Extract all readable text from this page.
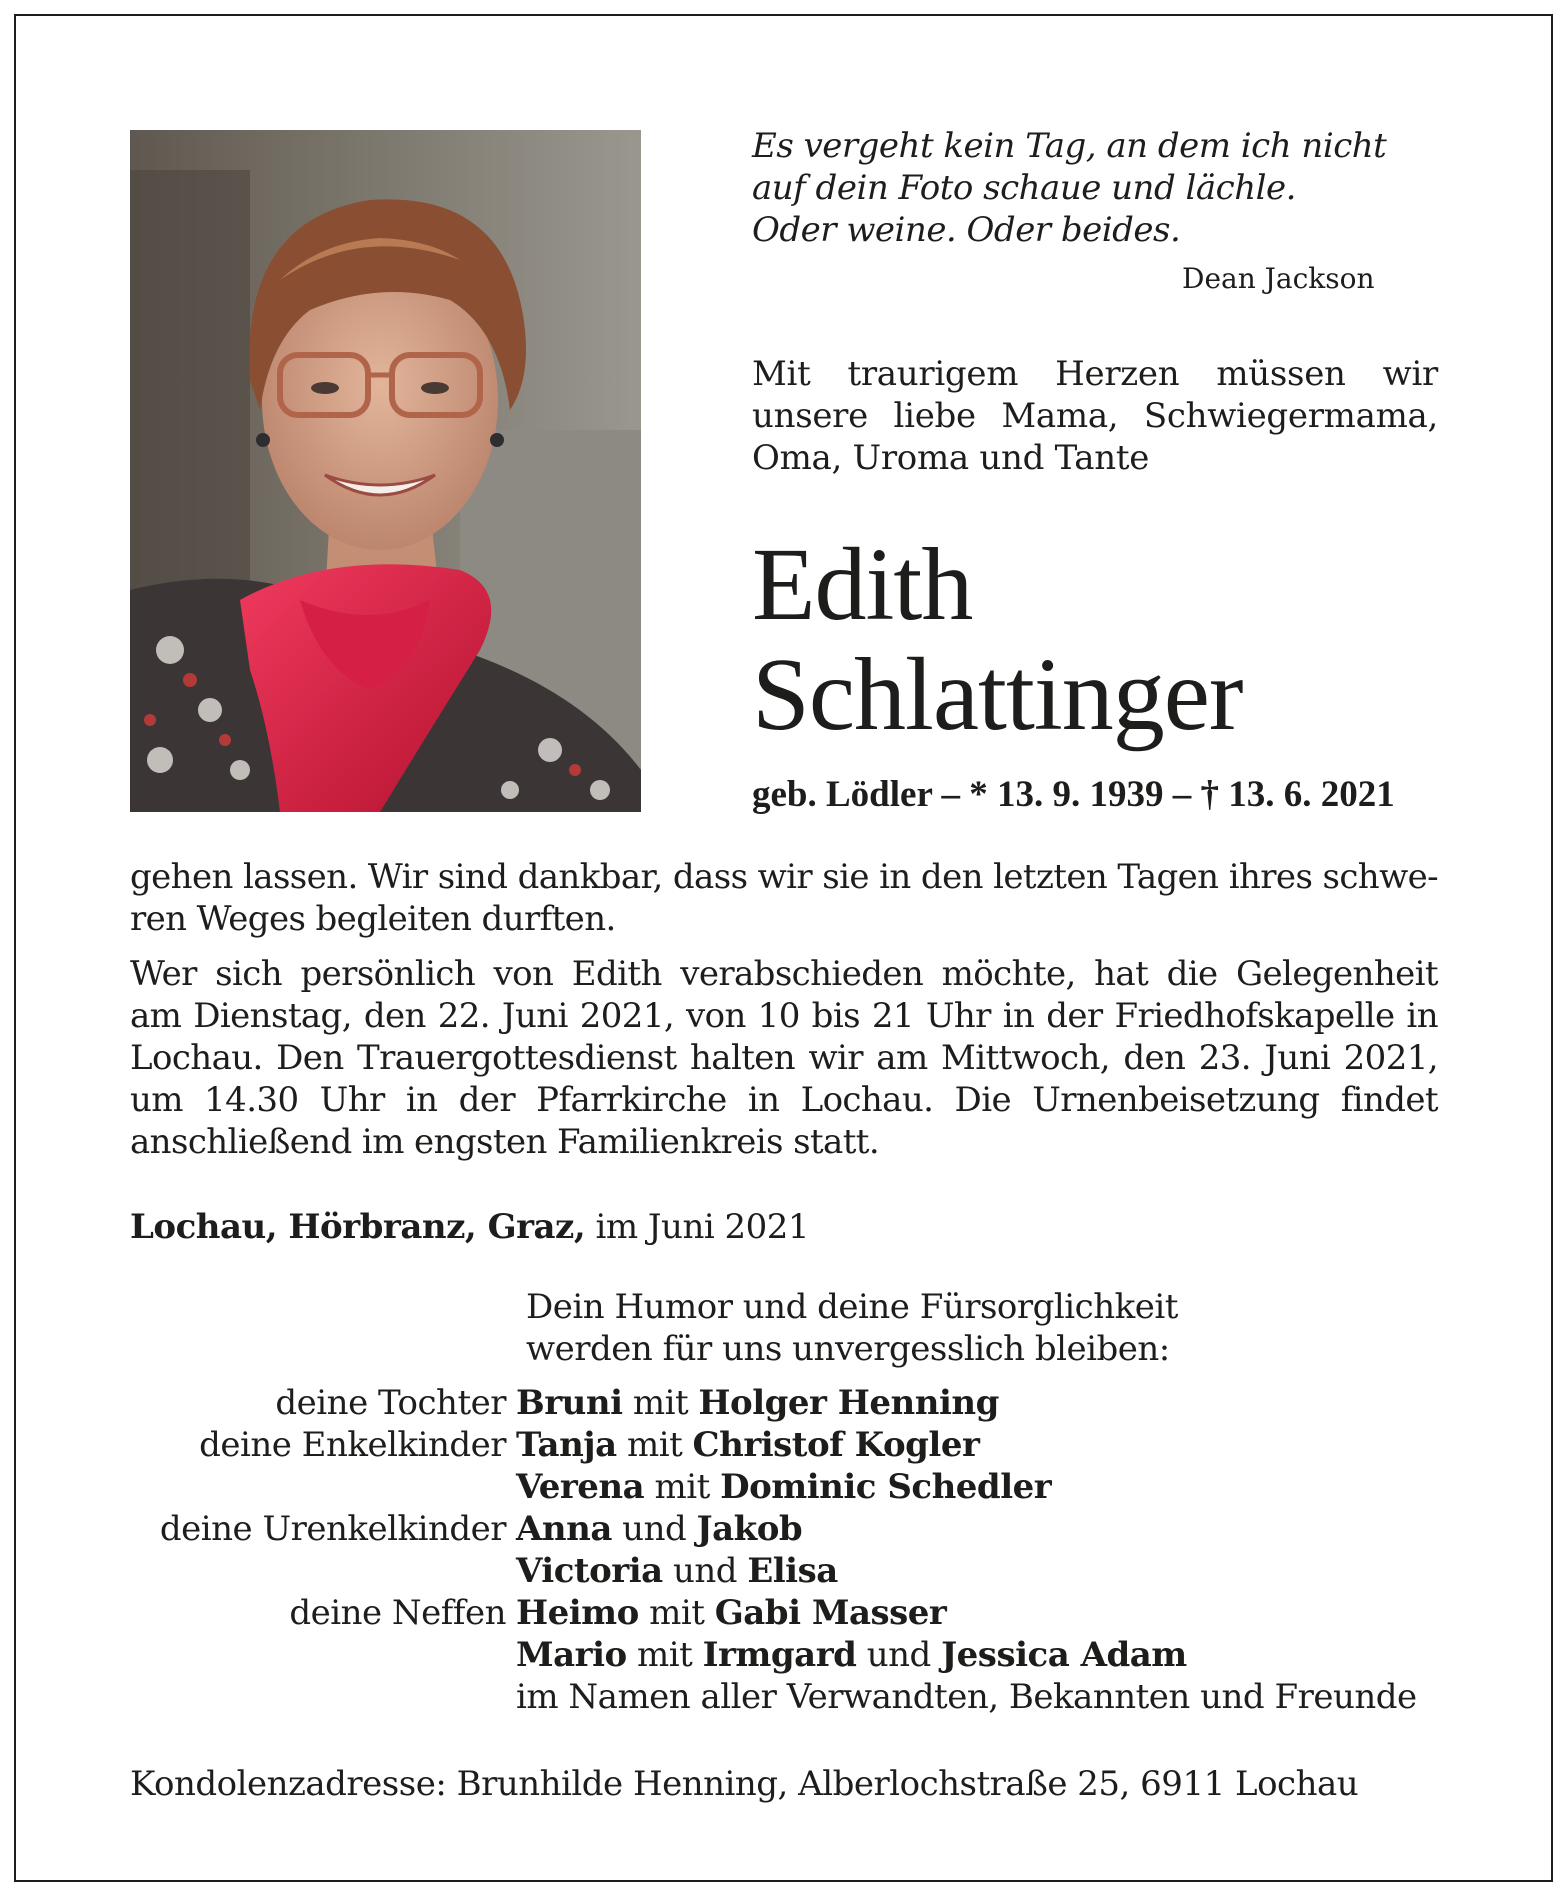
Es vergeht kein Tag, an dem ich nicht
auf dein Foto schaue und lächle.
Oder weine. Oder beides.
Dean Jackson
Mit traurigem Herzen müssen wir
unsere liebe Mama, Schwiegermama,
Oma, Uroma und Tante
Edith
Schlattinger
geb. Lödler – * 13. 9. 1939 – † 13. 6. 2021
gehen lassen. Wir sind dankbar, dass wir sie in den letzten Tagen ihres schwe-
ren Weges begleiten durften.
Wer sich persönlich von Edith verabschieden möchte, hat die Gelegenheit
am Dienstag, den 22. Juni 2021, von 10 bis 21 Uhr in der Friedhofskapelle in
Lochau. Den Trauergottesdienst halten wir am Mittwoch, den 23. Juni 2021,
um 14.30 Uhr in der Pfarrkirche in Lochau. Die Urnenbeisetzung findet
anschließend im engsten Familienkreis statt.
Lochau, Hörbranz, Graz, im Juni 2021
Dein Humor und deine Fürsorglichkeit
werden für uns unvergesslich bleiben:
deine Tochter Bruni mit Holger Henning
deine Enkelkinder Tanja mit Christof Kogler
Verena mit Dominic Schedler
deine Urenkelkinder Anna und Jakob
Victoria und Elisa
deine Neffen Heimo mit Gabi Masser
Mario mit Irmgard und Jessica Adam
im Namen aller Verwandten, Bekannten und Freunde
Kondolenzadresse: Brunhilde Henning, Alberlochstraße 25, 6911 Lochau
